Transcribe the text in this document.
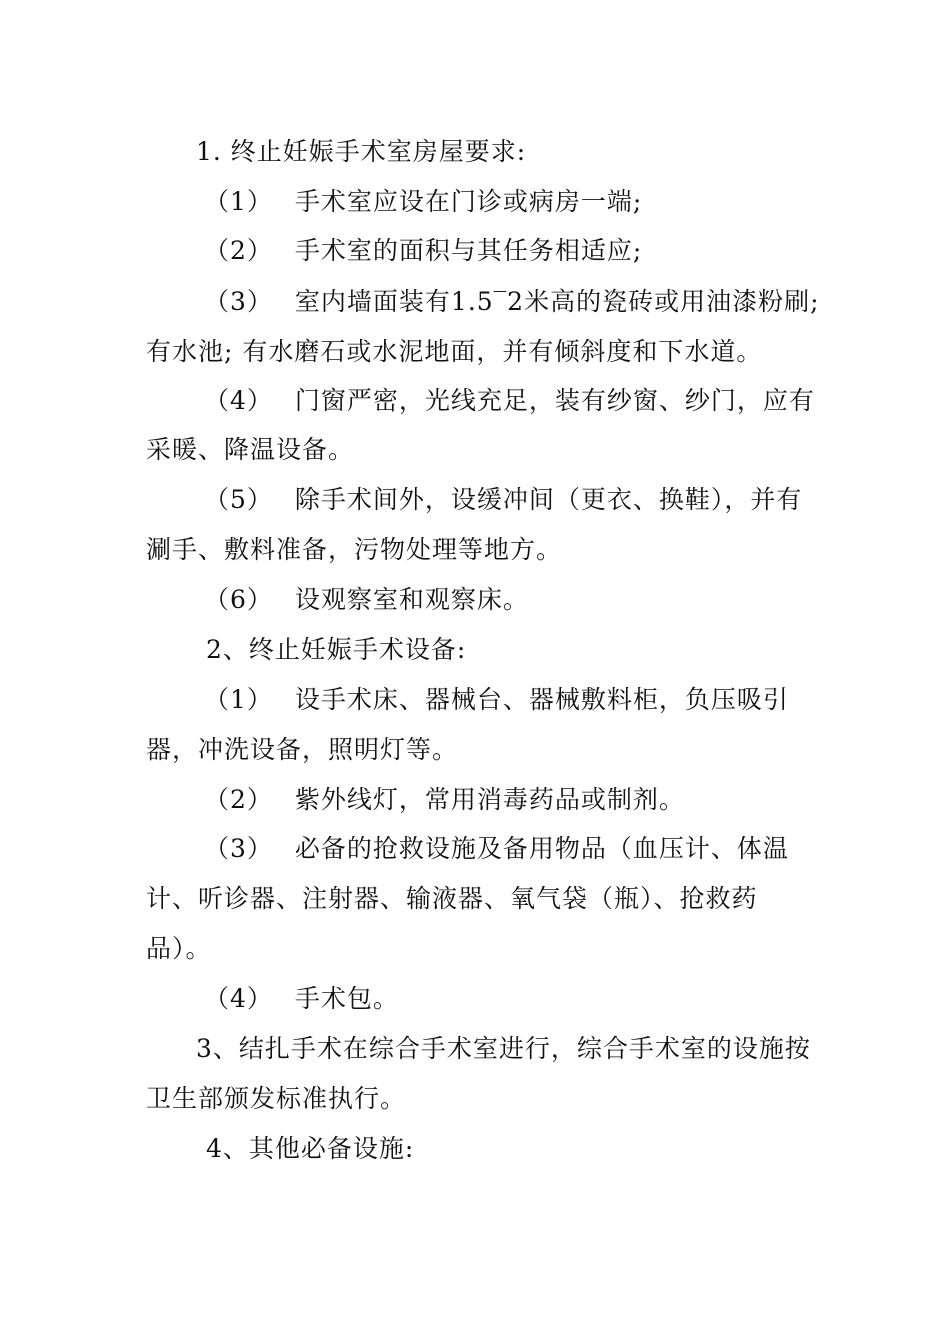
1. 终止妊娠手术室房屋要求:
（1） 手术室应设在门诊或病房一端;
（2） 手术室的面积与其任务相适应;
（3） 室内墙面装有1.5‾2米高的瓷砖或用油漆粉刷;
有水池; 有水磨石或水泥地面，并有倾斜度和下水道。
（4） 门窗严密，光线充足，装有纱窗、纱门，应有
采暖、降温设备。
（5） 除手术间外，设缓冲间（更衣、换鞋），并有
涮手、敷料准备，污物处理等地方。
（6） 设观察室和观察床。
2、终止妊娠手术设备:
（1） 设手术床、器械台、器械敷料柜，负压吸引
器，冲洗设备，照明灯等。
（2） 紫外线灯，常用消毒药品或制剂。
（3） 必备的抢救设施及备用物品（血压计、体温
计、听诊器、注射器、输液器、氧气袋（瓶）、抢救药
品）。
（4） 手术包。
3、结扎手术在综合手术室进行，综合手术室的设施按
卫生部颁发标准执行。
4、其他必备设施:
